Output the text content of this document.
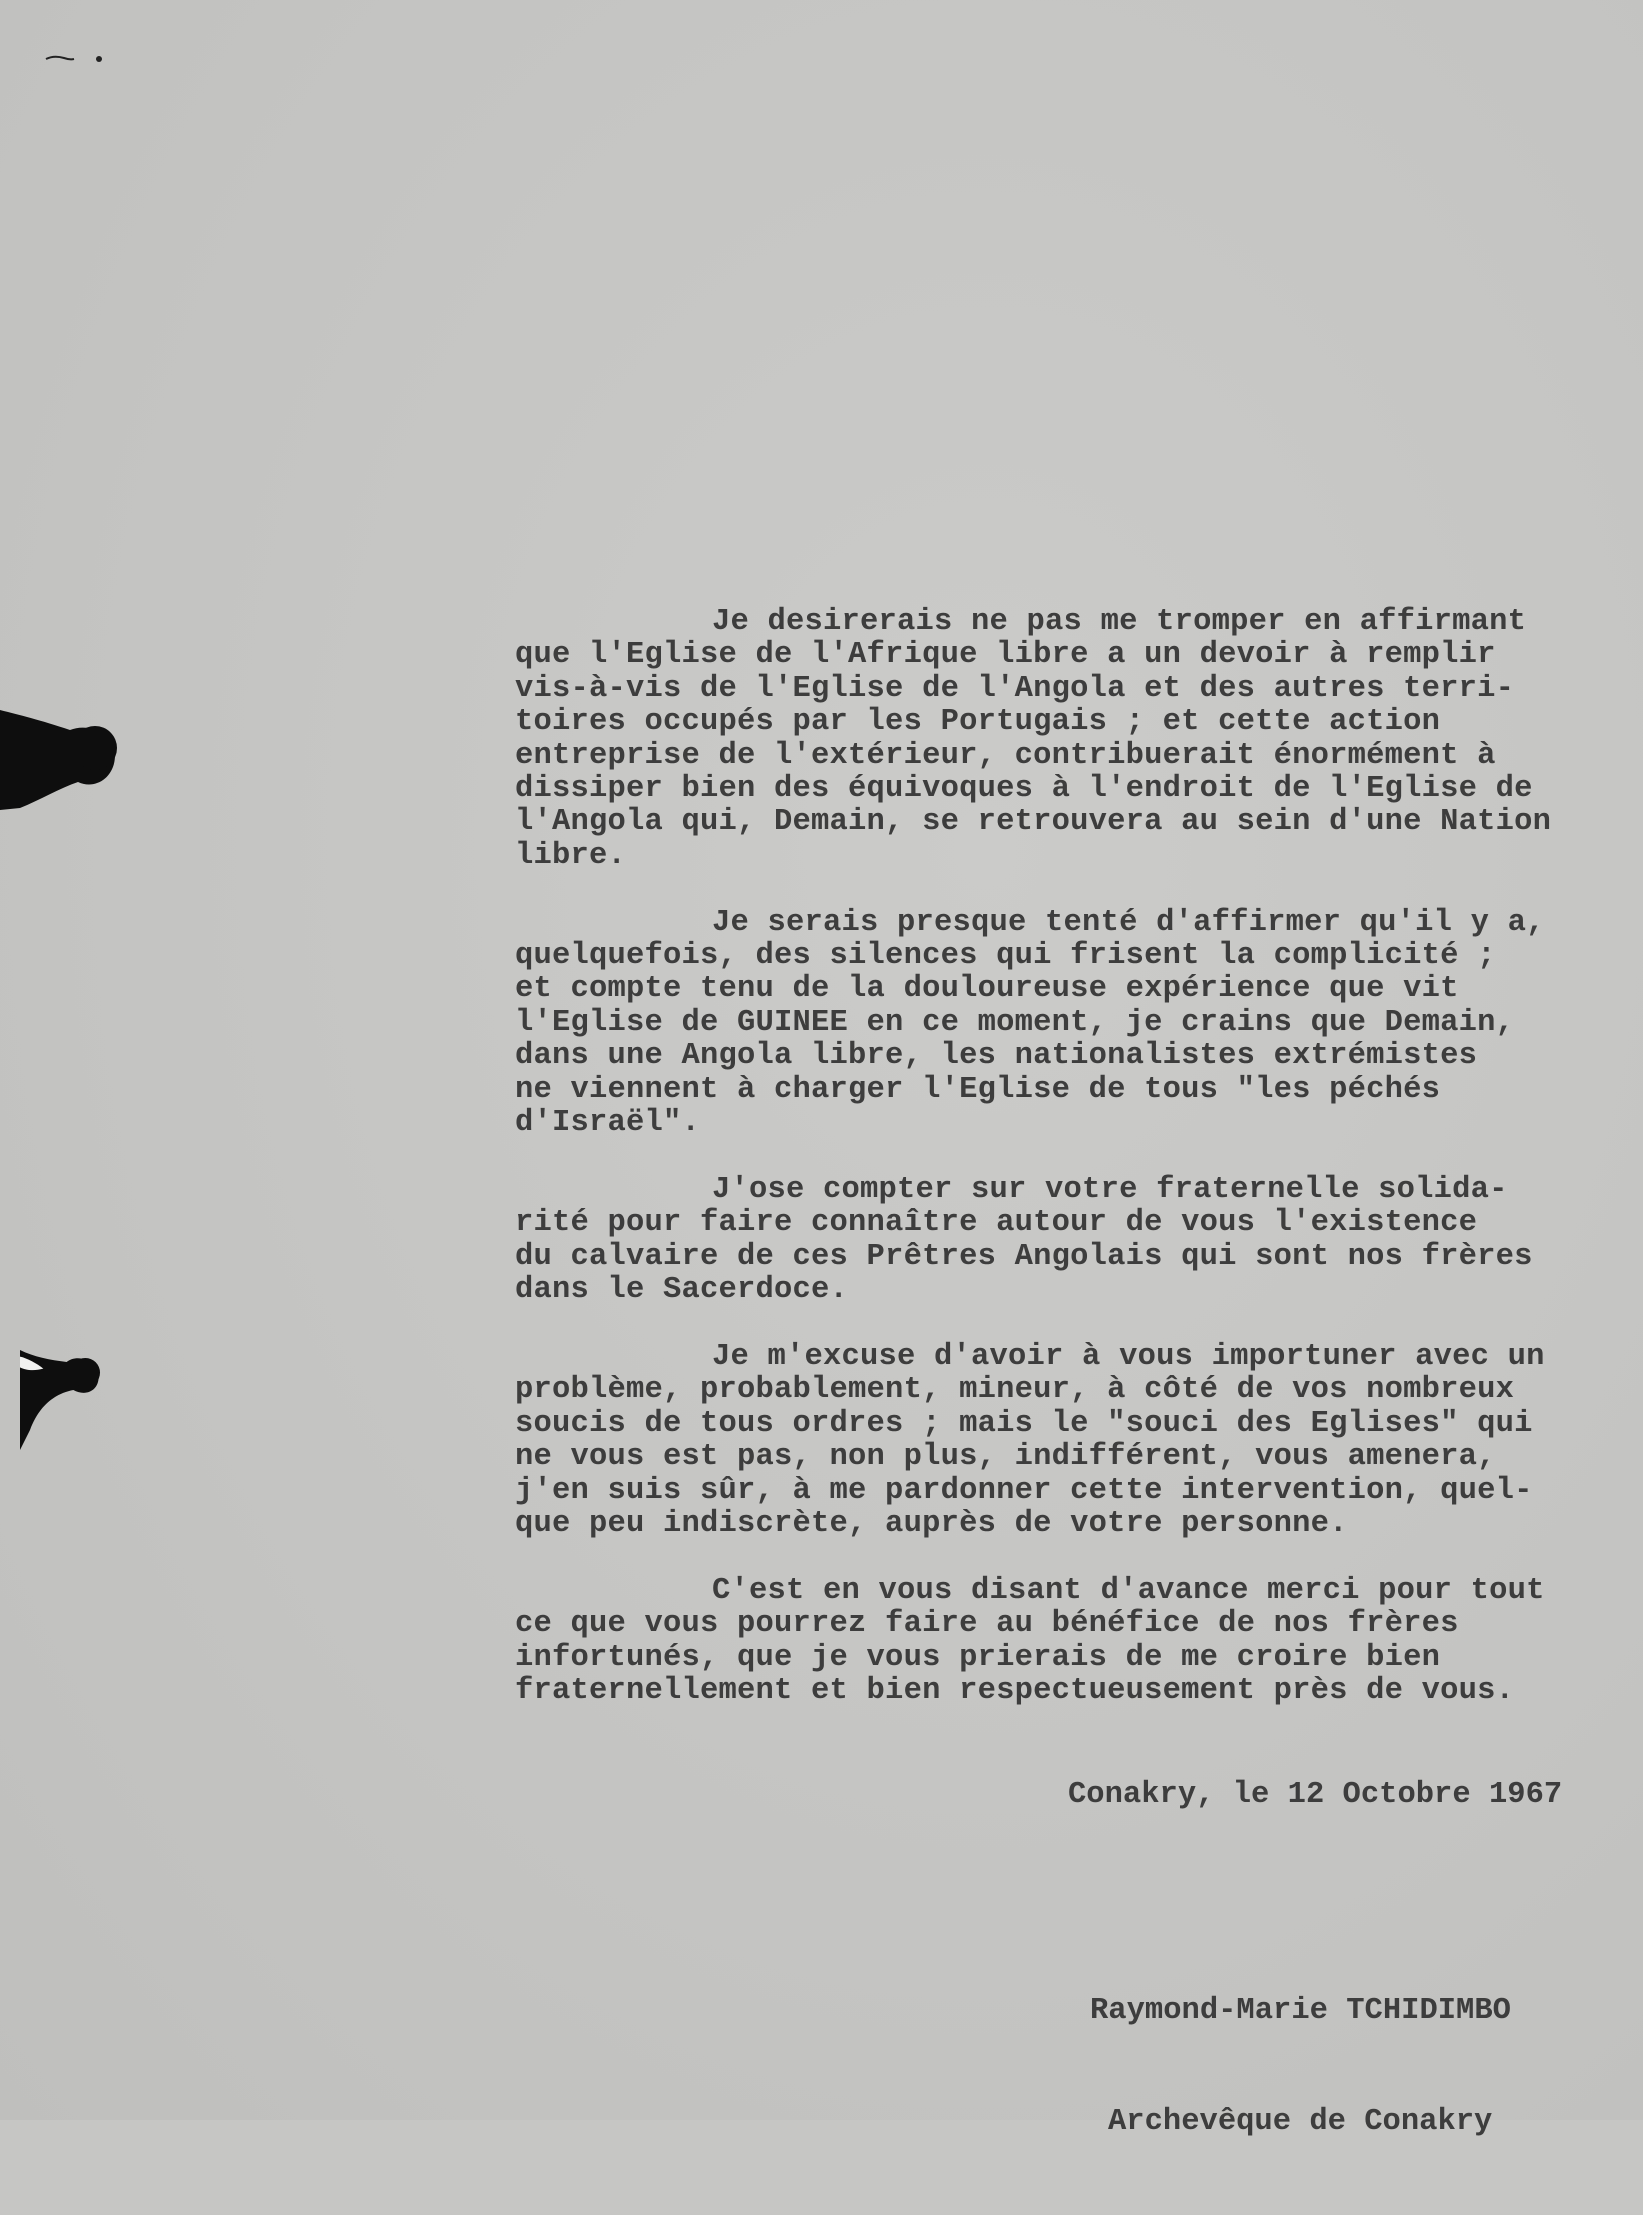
Je desirerais ne pas me tromper en affirmant
que l'Eglise de l'Afrique libre a un devoir à remplir
vis-à-vis de l'Eglise de l'Angola et des autres terri-
toires occupés par les Portugais ; et cette action
entreprise de l'extérieur, contribuerait énormément à
dissiper bien des équivoques à l'endroit de l'Eglise de
l'Angola qui, Demain, se retrouvera au sein d'une Nation
libre.
Je serais presque tenté d'affirmer qu'il y a,
quelquefois, des silences qui frisent la complicité ;
et compte tenu de la douloureuse expérience que vit
l'Eglise de GUINEE en ce moment, je crains que Demain,
dans une Angola libre, les nationalistes extrémistes
ne viennent à charger l'Eglise de tous "les péchés
d'Israël".
J'ose compter sur votre fraternelle solida-
rité pour faire connaître autour de vous l'existence
du calvaire de ces Prêtres Angolais qui sont nos frères
dans le Sacerdoce.
Je m'excuse d'avoir à vous importuner avec un
problème, probablement, mineur, à côté de vos nombreux
soucis de tous ordres ; mais le "souci des Eglises" qui
ne vous est pas, non plus, indifférent, vous amenera,
j'en suis sûr, à me pardonner cette intervention, quel-
que peu indiscrète, auprès de votre personne.
C'est en vous disant d'avance merci pour tout
ce que vous pourrez faire au bénéfice de nos frères
infortunés, que je vous prierais de me croire bien
fraternellement et bien respectueusement près de vous.
Conakry, le 12 Octobre 1967

Raymond-Marie TCHIDIMBO

Archevêque de Conakry
